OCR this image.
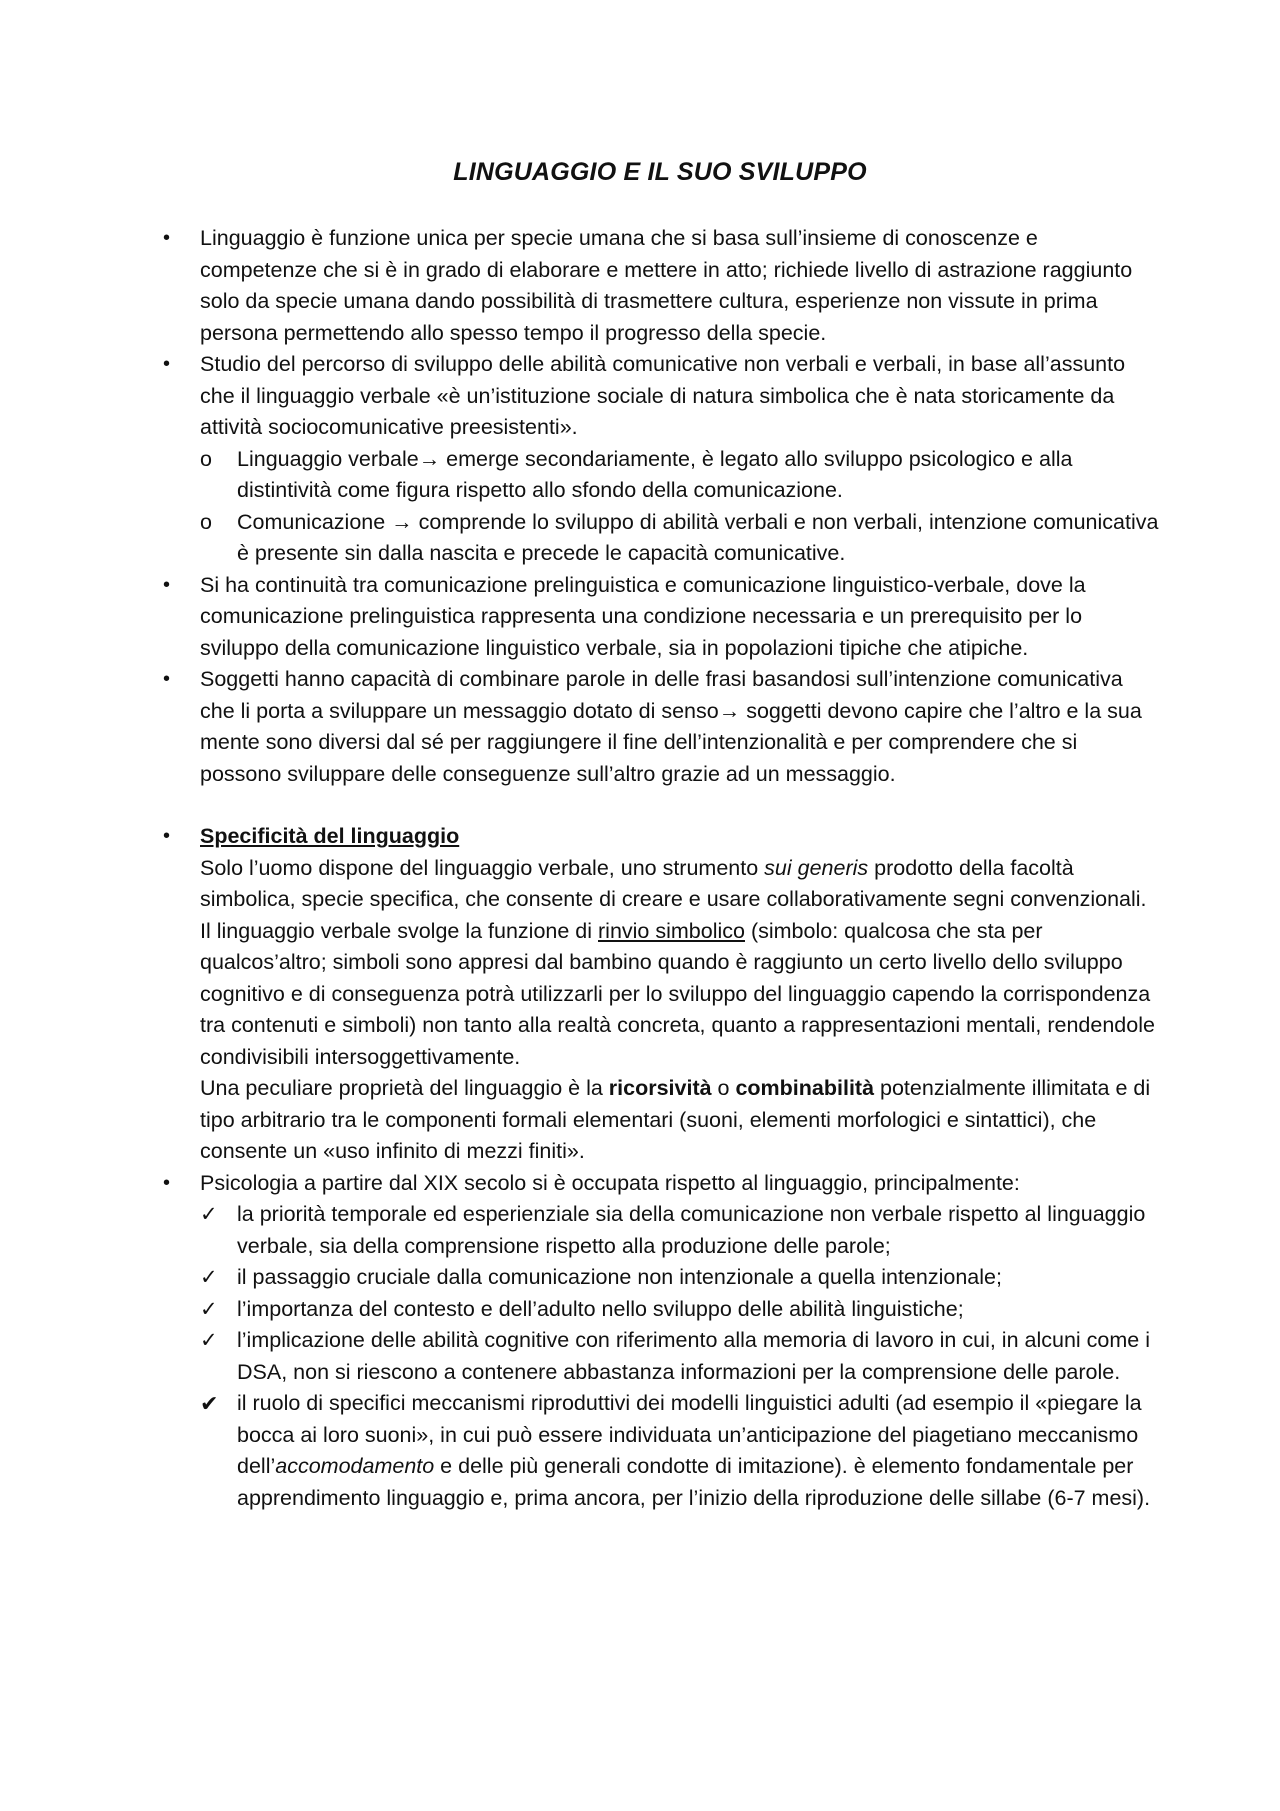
LINGUAGGIO E IL SUO SVILUPPO
• Linguaggio è funzione unica per specie umana che si basa sull’insieme di conoscenze e competenze che si è in grado di elaborare e mettere in atto; richiede livello di astrazione raggiunto solo da specie umana dando possibilità di trasmettere cultura, esperienze non vissute in prima persona permettendo allo spesso tempo il progresso della specie.
• Studio del percorso di sviluppo delle abilità comunicative non verbali e verbali, in base all’assunto che il linguaggio verbale «è un’istituzione sociale di natura simbolica che è nata storicamente da attività sociocomunicative preesistenti».
o Linguaggio verbale→ emerge secondariamente, è legato allo sviluppo psicologico e alla distintività come figura rispetto allo sfondo della comunicazione.
o Comunicazione → comprende lo sviluppo di abilità verbali e non verbali, intenzione comunicativa è presente sin dalla nascita e precede le capacità comunicative.
• Si ha continuità tra comunicazione prelinguistica e comunicazione linguistico-verbale, dove la comunicazione prelinguistica rappresenta una condizione necessaria e un prerequisito per lo sviluppo della comunicazione linguistico verbale, sia in popolazioni tipiche che atipiche.
• Soggetti hanno capacità di combinare parole in delle frasi basandosi sull’intenzione comunicativa che li porta a sviluppare un messaggio dotato di senso→ soggetti devono capire che l’altro e la sua mente sono diversi dal sé per raggiungere il fine dell’intenzionalità e per comprendere che si possono sviluppare delle conseguenze sull’altro grazie ad un messaggio.
• Specificità del linguaggio

Solo l’uomo dispone del linguaggio verbale, uno strumento sui generis prodotto della facoltà simbolica, specie specifica, che consente di creare e usare collaborativamente segni convenzionali.

Il linguaggio verbale svolge la funzione di rinvio simbolico (simbolo: qualcosa che sta per qualcos’altro; simboli sono appresi dal bambino quando è raggiunto un certo livello dello sviluppo cognitivo e di conseguenza potrà utilizzarli per lo sviluppo del linguaggio capendo la corrispondenza tra contenuti e simboli) non tanto alla realtà concreta, quanto a rappresentazioni mentali, rendendole condivisibili intersoggettivamente.

Una peculiare proprietà del linguaggio è la ricorsività o combinabilità potenzialmente illimitata e di tipo arbitrario tra le componenti formali elementari (suoni, elementi morfologici e sintattici), che consente un «uso infinito di mezzi finiti».

• Psicologia a partire dal XIX secolo si è occupata rispetto al linguaggio, principalmente:
✓ la priorità temporale ed esperienziale sia della comunicazione non verbale rispetto al linguaggio verbale, sia della comprensione rispetto alla produzione delle parole;
✓ il passaggio cruciale dalla comunicazione non intenzionale a quella intenzionale;
✓ l’importanza del contesto e dell’adulto nello sviluppo delle abilità linguistiche;
✓ l’implicazione delle abilità cognitive con riferimento alla memoria di lavoro in cui, in alcuni come i DSA, non si riescono a contenere abbastanza informazioni per la comprensione delle parole.
✔ il ruolo di specifici meccanismi riproduttivi dei modelli linguistici adulti (ad esempio il «piegare la bocca ai loro suoni», in cui può essere individuata un’anticipazione del piagetiano meccanismo dell’accomodamento e delle più generali condotte di imitazione). è elemento fondamentale per apprendimento linguaggio e, prima ancora, per l’inizio della riproduzione delle sillabe (6-7 mesi).
